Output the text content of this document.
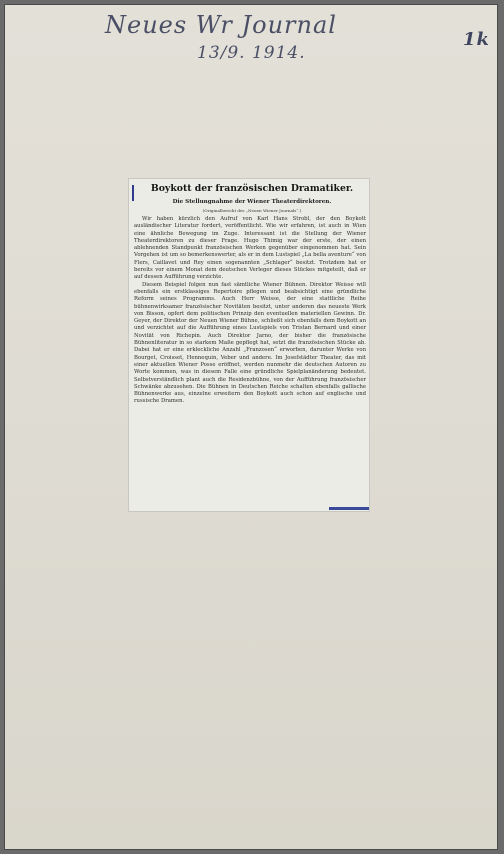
Neues Wr Journal
13/9. 1914.
1k
Boykott der französischen Dramatiker.
Die Stellungnahme der Wiener Theaterdirektoren.
(Originalbericht des „Neuen Wiener Journals“.)

Wir haben kürzlich den Aufruf von Karl Hans Strobl, der den Boykott ausländischer Literatur fordert, veröffentlicht. Wie wir erfahren, ist auch in Wien eine ähnliche Bewegung im Zuge. Interessant ist die Stellung der Wiener Theaterdirektoren zu dieser Frage. Hugo Thimig war der erste, der einen ablehnenden Standpunkt französischen Werken gegenüber eingenommen hat. Sein Vorgehen ist um so bemerkenswerter, als er in dem Lustspiel „La bella aventure“ von Flers, Caillavet und Rey einen sogenannten „Schlager“ besitzt. Trotzdem hat er bereits vor einem Monat dem deutschen Verleger dieses Stückes mitgeteilt, daß er auf dessen Aufführung verzichte.

Diesem Beispiel folgen nun fast sämtliche Wiener Bühnen. Direktor Weisse will ebenfalls ein erstklassiges Repertoire pflegen und beabsichtigt eine gründliche Reform seines Programms. Auch Herr Weisse, der eine stattliche Reihe bühnenwirksamer französischer Novitäten besitzt, unter anderen das neueste Werk von Bisson, opfert dem politischen Prinzip den eventuellen materiellen Gewinn. Dr. Geyer, der Direktor der Neuen Wiener Bühne, schließt sich ebenfalls dem Boykott an und verzichtet auf die Aufführung eines Lustspiels von Tristan Bernard und einer Novität von Richepin. Auch Direktor Jarno, der bisher die französische Bühnenliteratur in so starkem Maße gepflegt hat, setzt die französischen Stücke ab. Dabei hat er eine erkleckliche Anzahl „Franzosen“ erworben, darunter Werke von Bourget, Croisset, Hennequin, Veber und andere. Im Josefstädter Theater, das mit einer aktuellen Wiener Posse eröffnet, werden nunmehr die deutschen Autoren zu Worte kommen, was in diesem Falle eine gründliche Spielplanänderung bedeutet. Selbstverständlich plant auch die Residenzbühne, von der Aufführung französischer Schwänke abzusehen. Die Bühnen in Deutschen Reiche schalten ebenfalls gallische Bühnenwerke aus, einzelne erweitern den Boykott auch schon auf englische und russische Dramen.
